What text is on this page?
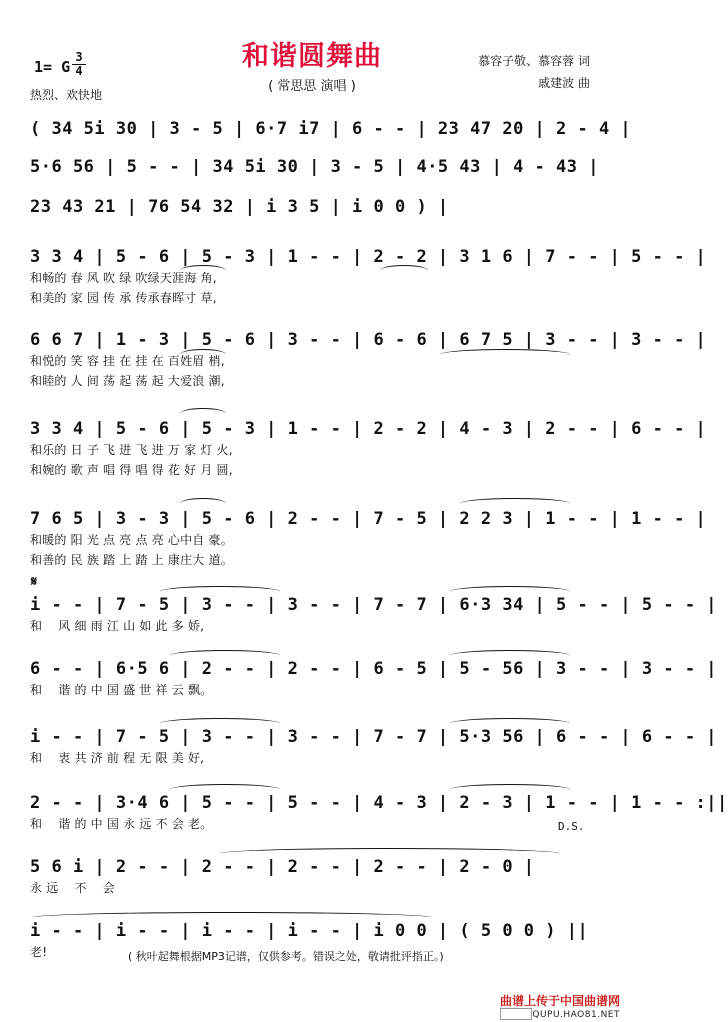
和谐圆舞曲
( 常思思 演唱 )
1= G
3
4
热烈、欢快地
慕容子敬、慕容蓉 词
戚建波 曲
( 34 5i 30 | 3 - 5 | 6·7 i7 | 6 - - | 23 47 20 | 2 - 4 |
5·6 56 | 5 - - | 34 5i 30 | 3 - 5 | 4·5 43 | 4 - 43 |
23 43 21 | 76 54 32 | i 3 5 | i 0 0 ) |
3 3 4 | 5 - 6 | 5 - 3 | 1 - - | 2 - 2 | 3 1 6 | 7 - - | 5 - - |
和畅的 春 风 吹 绿 吹绿天涯海 角,
和美的 家 园 传 承 传承春晖寸 草,
6 6 7 | 1 - 3 | 5 - 6 | 3 - - | 6 - 6 | 6 7 5 | 3 - - | 3 - - |
和悦的 笑 容 挂 在 挂 在 百姓眉 梢,
和睦的 人 间 荡 起 荡 起 大爱浪 潮,
3 3 4 | 5 - 6 | 5 - 3 | 1 - - | 2 - 2 | 4 - 3 | 2 - - | 6 - - |
和乐的 日 子 飞 进 飞 进 万 家 灯 火,
和婉的 歌 声 唱 得 唱 得 花 好 月 圆,
7 6 5 | 3 - 3 | 5 - 6 | 2 - - | 7 - 5 | 2 2 3 | 1 - - | 1 - - |
和暖的 阳 光 点 亮 点 亮 心中自 豪。
和善的 民 族 踏 上 踏 上 康庄大 道。
𝄋
i - - | 7 - 5 | 3 - - | 3 - - | 7 - 7 | 6·3 34 | 5 - - | 5 - - |
和    风 细 雨 江 山 如 此 多 娇,
6 - - | 6·5 6 | 2 - - | 2 - - | 6 - 5 | 5 - 56 | 3 - - | 3 - - |
和    谐 的 中 国 盛 世 祥 云 飘。
i - - | 7 - 5 | 3 - - | 3 - - | 7 - 7 | 5·3 56 | 6 - - | 6 - - |
和    衷 共 济 前 程 无 限 美 好,
2 - - | 3·4 6 | 5 - - | 5 - - | 4 - 3 | 2 - 3 | 1 - - | 1 - - :||
和    谐 的 中 国 永 远 不 会 老。	D.S.
5 6 i | 2 - - | 2 - - | 2 - - | 2 - - | 2 - 0 |
永 远    不    会
i - - | i - - | i - - | i - - | i 0 0 | ( 5 0 0 ) ||
老!	( 秋叶起舞根据MP3记谱，仅供参考。错误之处，敬请批评指正。)
曲谱上传于中国曲谱网
QUPU.HAO81.NET
